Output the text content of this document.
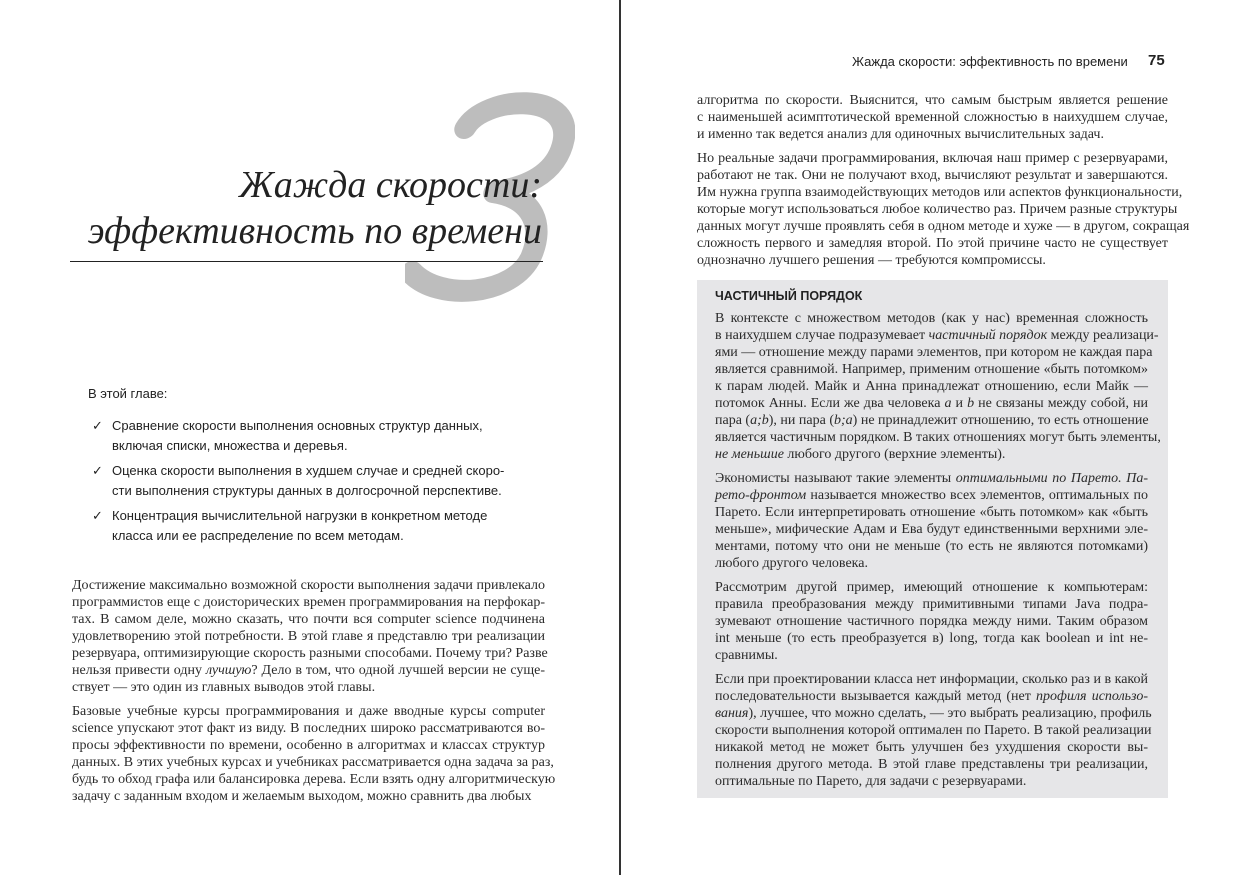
Жажда скорости:
эффективность по времени
В этой главе:
✓ Сравнение скорости выполнения основных структур данных,
включая списки, множества и деревья.
✓ Оценка скорости выполнения в худшем случае и средней скоро-
сти выполнения структуры данных в долгосрочной перспективе.
✓ Концентрация вычислительной нагрузки в конкретном методе
класса или ее распределение по всем методам.
Достижение максимально возможной скорости выполнения задачи привлекало
программистов еще с доисторических времен программирования на перфокар-
тах. В самом деле, можно сказать, что почти вся computer science подчинена
удовлетворению этой потребности. В этой главе я представлю три реализации
резервуара, оптимизирующие скорость разными способами. Почему три? Разве
нельзя привести одну лучшую? Дело в том, что одной лучшей версии не суще-
ствует — это один из главных выводов этой главы.
Базовые учебные курсы программирования и даже вводные курсы computer
science упускают этот факт из виду. В последних широко рассматриваются во-
просы эффективности по времени, особенно в алгоритмах и классах структур
данных. В этих учебных курсах и учебниках рассматривается одна задача за раз,
будь то обход графа или балансировка дерева. Если взять одну алгоритмическую
задачу с заданным входом и желаемым выходом, можно сравнить два любых
Жажда скорости: эффективность по времени 75
алгоритма по скорости. Выяснится, что самым быстрым является решение
с наименьшей асимптотической временной сложностью в наихудшем случае,
и именно так ведется анализ для одиночных вычислительных задач.
Но реальные задачи программирования, включая наш пример с резервуарами,
работают не так. Они не получают вход, вычисляют результат и завершаются.
Им нужна группа взаимодействующих методов или аспектов функциональности,
которые могут использоваться любое количество раз. Причем разные структуры
данных могут лучше проявлять себя в одном методе и хуже — в другом, сокращая
сложность первого и замедляя второй. По этой причине часто не существует
однозначно лучшего решения — требуются компромиссы.
ЧАСТИЧНЫЙ ПОРЯДОК
В контексте с множеством методов (как у нас) временная сложность
в наихудшем случае подразумевает частичный порядок между реализаци-
ями — отношение между парами элементов, при котором не каждая пара
является сравнимой. Например, применим отношение «быть потомком»
к парам людей. Майк и Анна принадлежат отношению, если Майк —
потомок Анны. Если же два человека a и b не связаны между собой, ни
пара (a;b), ни пара (b;a) не принадлежит отношению, то есть отношение
является частичным порядком. В таких отношениях могут быть элементы,
не меньшие любого другого (верхние элементы).
Экономисты называют такие элементы оптимальными по Парето. Па-
рето-фронтом называется множество всех элементов, оптимальных по
Парето. Если интерпретировать отношение «быть потомком» как «быть
меньше», мифические Адам и Ева будут единственными верхними эле-
ментами, потому что они не меньше (то есть не являются потомками)
любого другого человека.
Рассмотрим другой пример, имеющий отношение к компьютерам:
правила преобразования между примитивными типами Java подра-
зумевают отношение частичного порядка между ними. Таким образом
int меньше (то есть преобразуется в) long, тогда как boolean и int не-
сравнимы.
Если при проектировании класса нет информации, сколько раз и в какой
последовательности вызывается каждый метод (нет профиля использо-
вания), лучшее, что можно сделать, — это выбрать реализацию, профиль
скорости выполнения которой оптимален по Парето. В такой реализации
никакой метод не может быть улучшен без ухудшения скорости вы-
полнения другого метода. В этой главе представлены три реализации,
оптимальные по Парето, для задачи с резервуарами.
